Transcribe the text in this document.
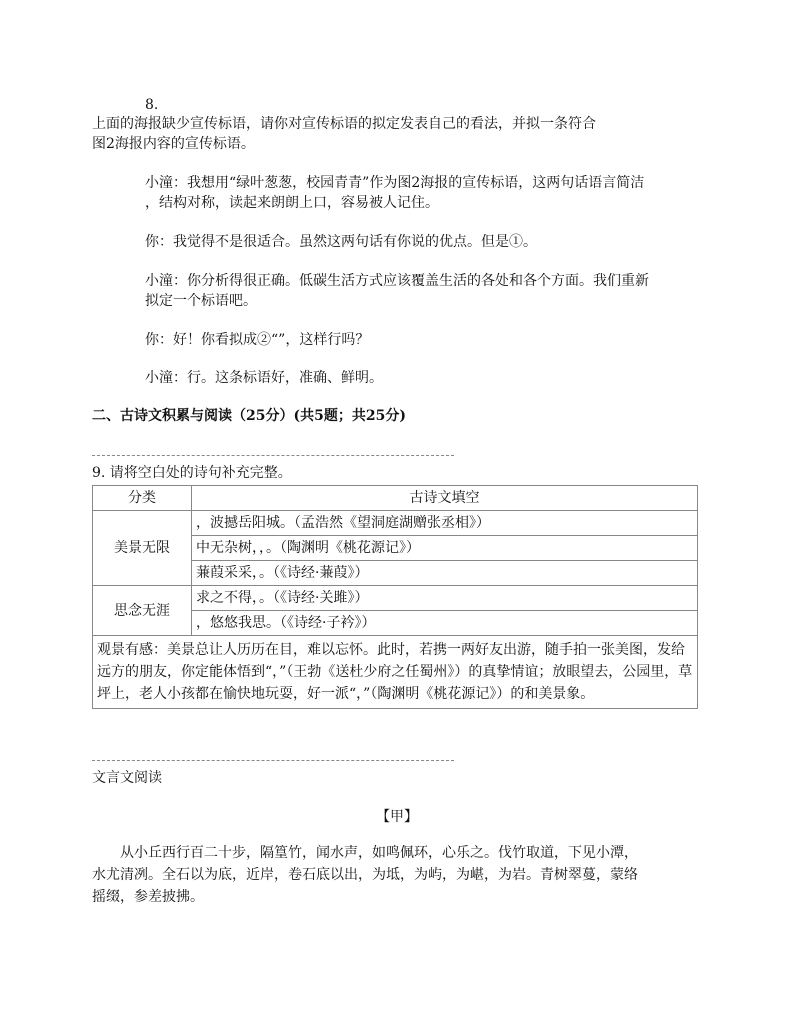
8.
上面的海报缺少宣传标语，请你对宣传标语的拟定发表自己的看法，并拟一条符合
图2海报内容的宣传标语。
小潼：我想用“绿叶葱葱，校园青青”作为图2海报的宣传标语，这两句话语言简洁
，结构对称，读起来朗朗上口，容易被人记住。
你：我觉得不是很适合。虽然这两句话有你说的优点。但是①。
小潼：你分析得很正确。低碳生活方式应该覆盖生活的各处和各个方面。我们重新
拟定一个标语吧。
你：好！你看拟成②“”，这样行吗？
小潼：行。这条标语好，准确、鲜明。
二、古诗文积累与阅读（25分）(共5题；共25分)
9. 请将空白处的诗句补充完整。
分类	古诗文填空
美景无限	，波撼岳阳城。（孟浩然《望洞庭湖赠张丞相》）
	中无杂树，，。（陶渊明《桃花源记》）
	蒹葭采采，。（《诗经·蒹葭》）
思念无涯	求之不得，。（《诗经·关雎》）
	，悠悠我思。（《诗经·子衿》）
观景有感：美景总让人历历在目，难以忘怀。此时，若携一两好友出游，随手拍一张美图，发给远方的朋友，你定能体悟到“，”（王勃《送杜少府之任蜀州》）的真挚情谊；放眼望去，公园里，草坪上，老人小孩都在愉快地玩耍，好一派“，”（陶渊明《桃花源记》）的和美景象。	
文言文阅读
【甲】
从小丘西行百二十步，隔篁竹，闻水声，如鸣佩环，心乐之。伐竹取道，下见小潭，
水尤清冽。全石以为底，近岸，卷石底以出，为坻，为屿，为嵁，为岩。青树翠蔓，蒙络
摇缀，参差披拂。
